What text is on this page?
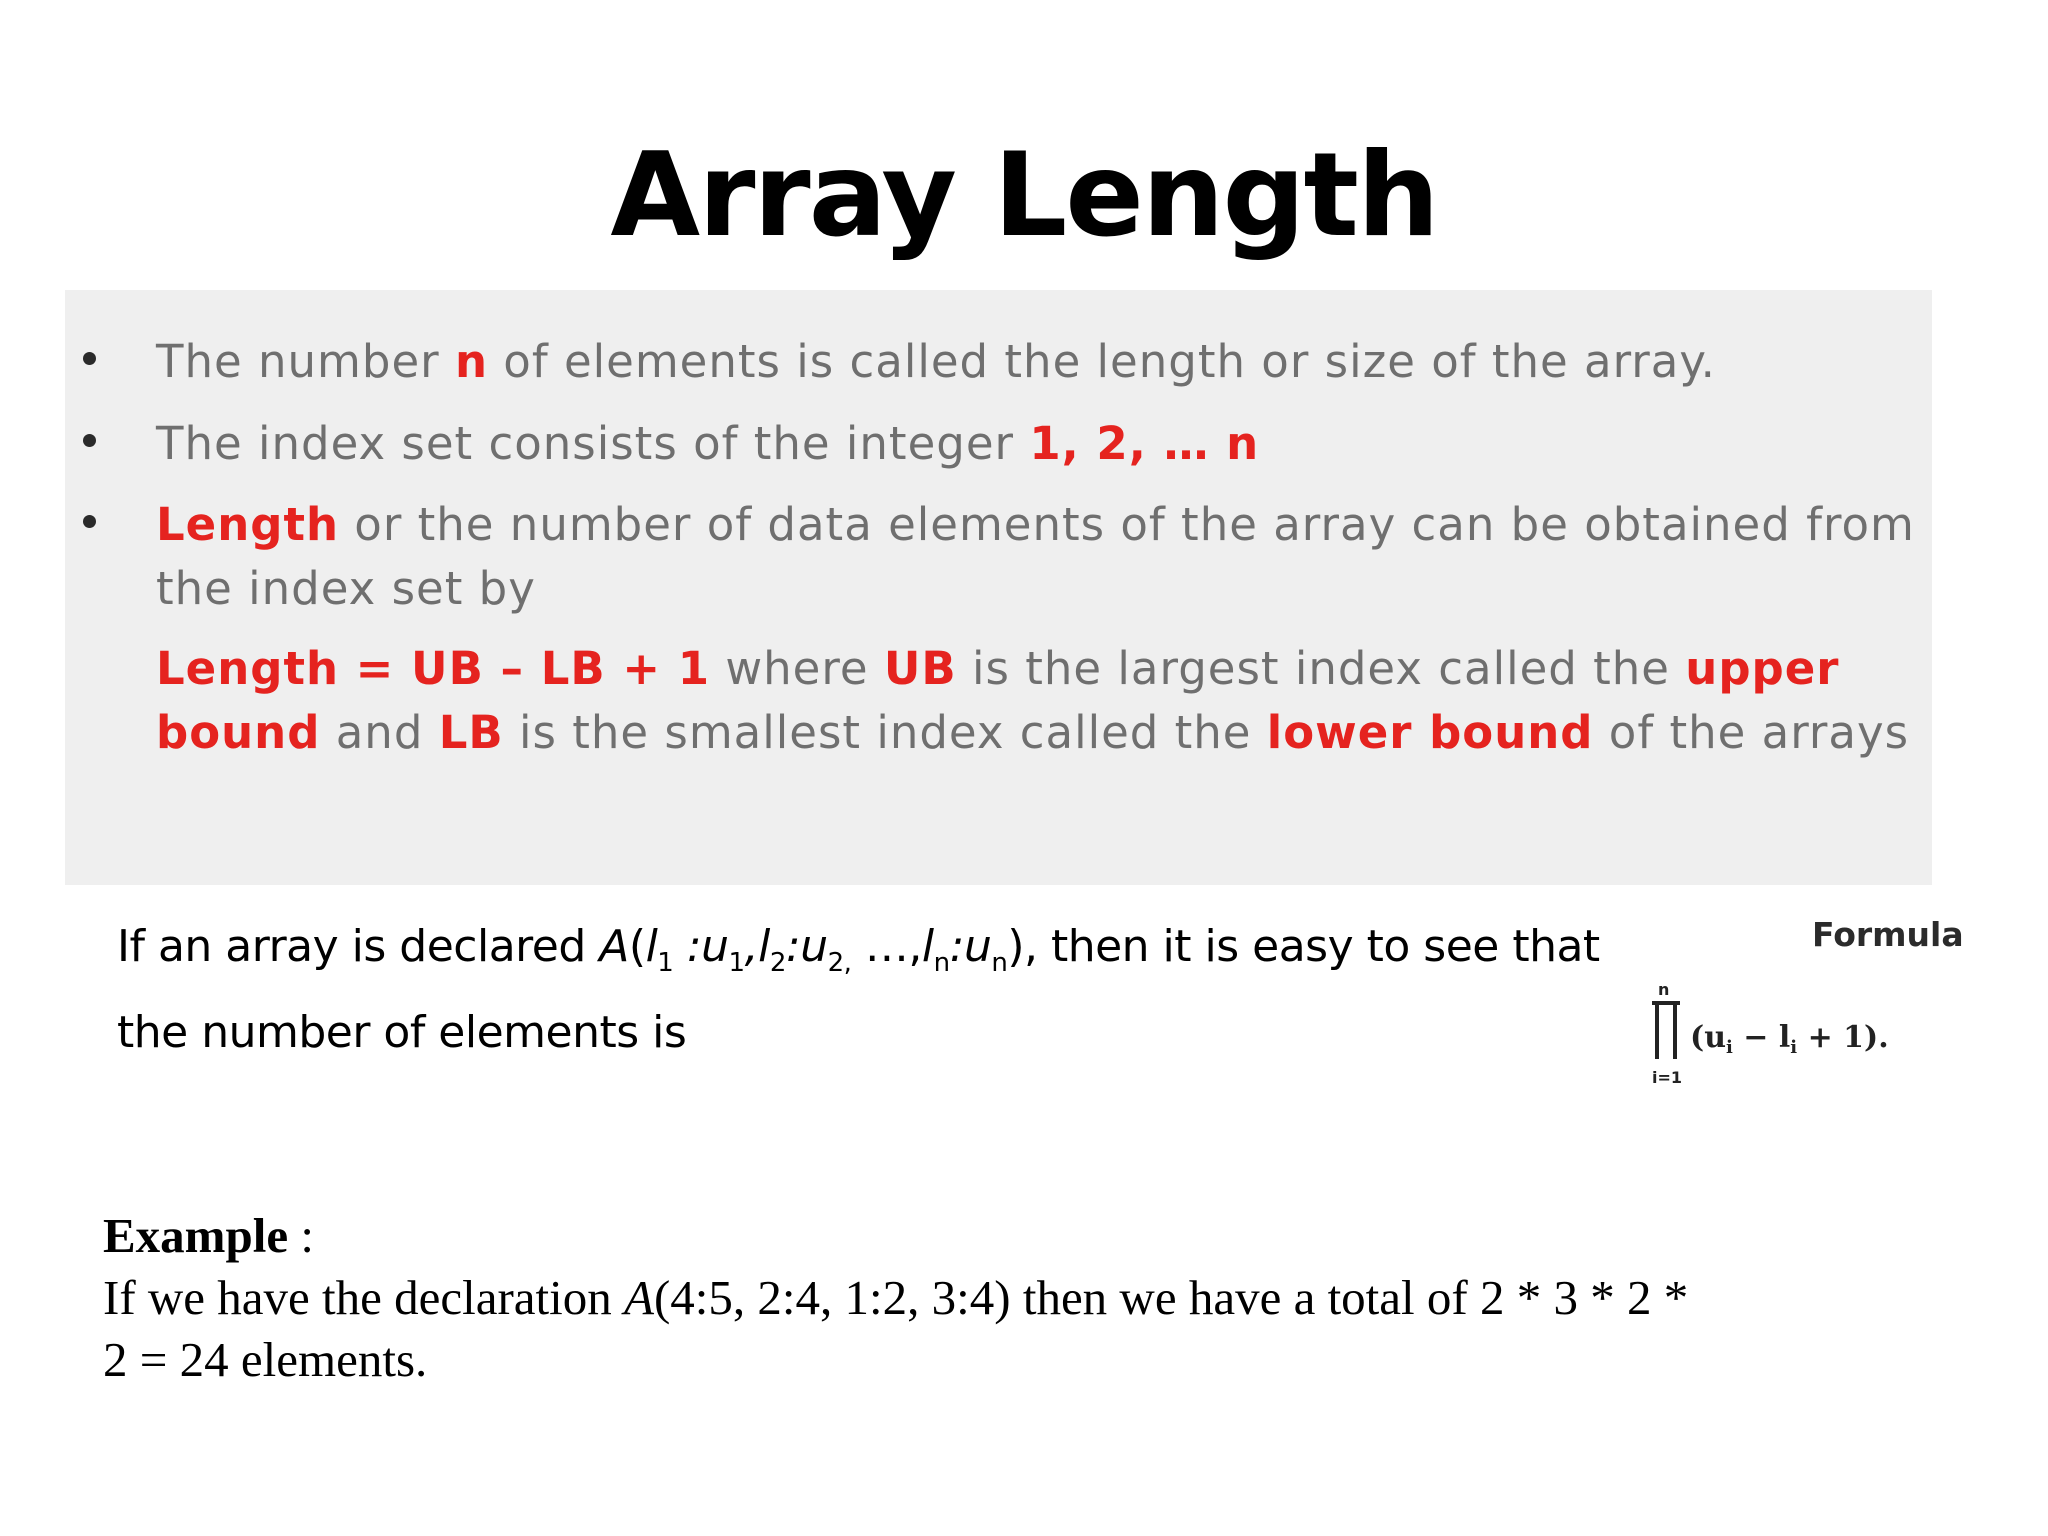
Array Length
The number n of elements is called the length or size of the array.
The index set consists of the integer 1, 2, … n
Length or the number of data elements of the array can be obtained from the index set by
Length = UB – LB + 1 where UB is the largest index called the upper bound and LB is the smallest index called the lower bound of the arrays
If an array is declared $A(l_1$ $:u_1,l_2:u_{2,}$ $\dots,l_n:u_n$), then it is easy to see that the number of elements is
Formula
n
i=1
$(u_i - l_i + 1)$.
Example :
If we have the declaration A(4:5, 2:4, 1:2, 3:4) then we have a total of 2 * 3 * 2 * 2 = 24 elements.
